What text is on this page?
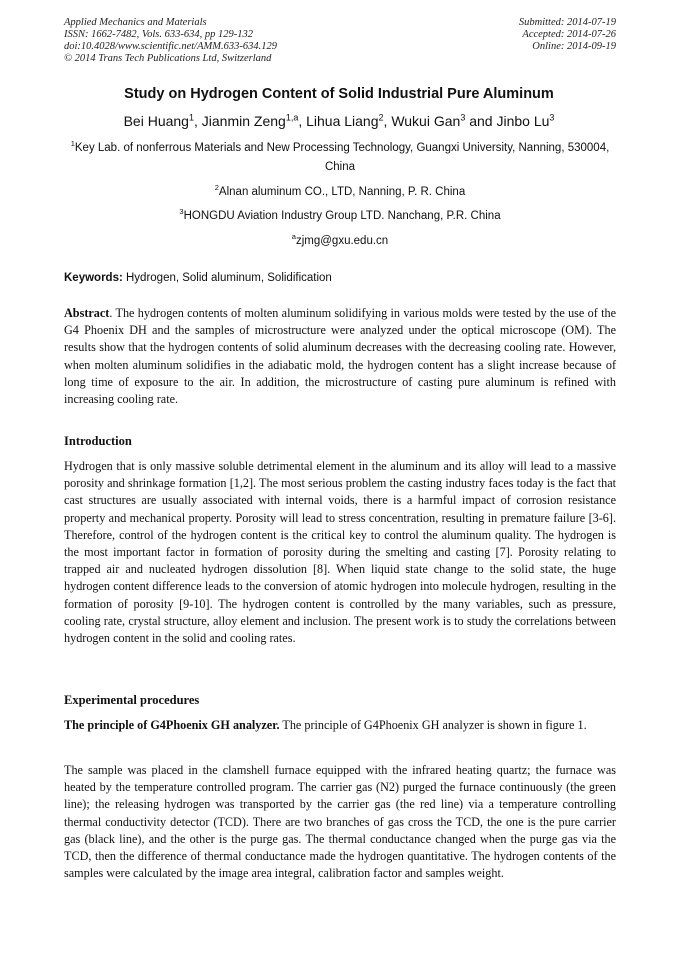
Applied Mechanics and Materials
ISSN: 1662-7482, Vols. 633-634, pp 129-132
doi:10.4028/www.scientific.net/AMM.633-634.129
© 2014 Trans Tech Publications Ltd, Switzerland
Submitted: 2014-07-19
Accepted: 2014-07-26
Online: 2014-09-19
Study on Hydrogen Content of Solid Industrial Pure Aluminum
Bei Huang$^1$, Jianmin Zeng$^{1,a}$, Lihua Liang$^2$, Wukui Gan$^3$ and Jinbo Lu$^3$
$^1$Key Lab. of nonferrous Materials and New Processing Technology, Guangxi University, Nanning, 530004, China
$^2$Alnan aluminum CO., LTD, Nanning, P. R. China
$^3$HONGDU Aviation Industry Group LTD. Nanchang, P.R. China
$^a$zjmg@gxu.edu.cn
Keywords: Hydrogen, Solid aluminum, Solidification
Abstract. The hydrogen contents of molten aluminum solidifying in various molds were tested by the use of the G4 Phoenix DH and the samples of microstructure were analyzed under the optical microscope (OM). The results show that the hydrogen contents of solid aluminum decreases with the decreasing cooling rate. However, when molten aluminum solidifies in the adiabatic mold, the hydrogen content has a slight increase because of long time of exposure to the air. In addition, the microstructure of casting pure aluminum is refined with increasing cooling rate.
Introduction
Hydrogen that is only massive soluble detrimental element in the aluminum and its alloy will lead to a massive porosity and shrinkage formation [1,2]. The most serious problem the casting industry faces today is the fact that cast structures are usually associated with internal voids, there is a harmful impact of corrosion resistance property and mechanical property. Porosity will lead to stress concentration, resulting in premature failure [3-6]. Therefore, control of the hydrogen content is the critical key to control the aluminum quality. The hydrogen is the most important factor in formation of porosity during the smelting and casting [7]. Porosity relating to trapped air and nucleated hydrogen dissolution [8]. When liquid state change to the solid state, the huge hydrogen content difference leads to the conversion of atomic hydrogen into molecule hydrogen, resulting in the formation of porosity [9-10]. The hydrogen content is controlled by the many variables, such as pressure, cooling rate, crystal structure, alloy element and inclusion. The present work is to study the correlations between hydrogen content in the solid and cooling rates.
Experimental procedures
The principle of G4Phoenix GH analyzer. The principle of G4Phoenix GH analyzer is shown in figure 1.
The sample was placed in the clamshell furnace equipped with the infrared heating quartz; the furnace was heated by the temperature controlled program. The carrier gas (N2) purged the furnace continuously (the green line); the releasing hydrogen was transported by the carrier gas (the red line) via a temperature controlling thermal conductivity detector (TCD). There are two branches of gas cross the TCD, the one is the pure carrier gas (black line), and the other is the purge gas. The thermal conductance changed when the purge gas via the TCD, then the difference of thermal conductance made the hydrogen quantitative. The hydrogen contents of the samples were calculated by the image area integral, calibration factor and samples weight.
